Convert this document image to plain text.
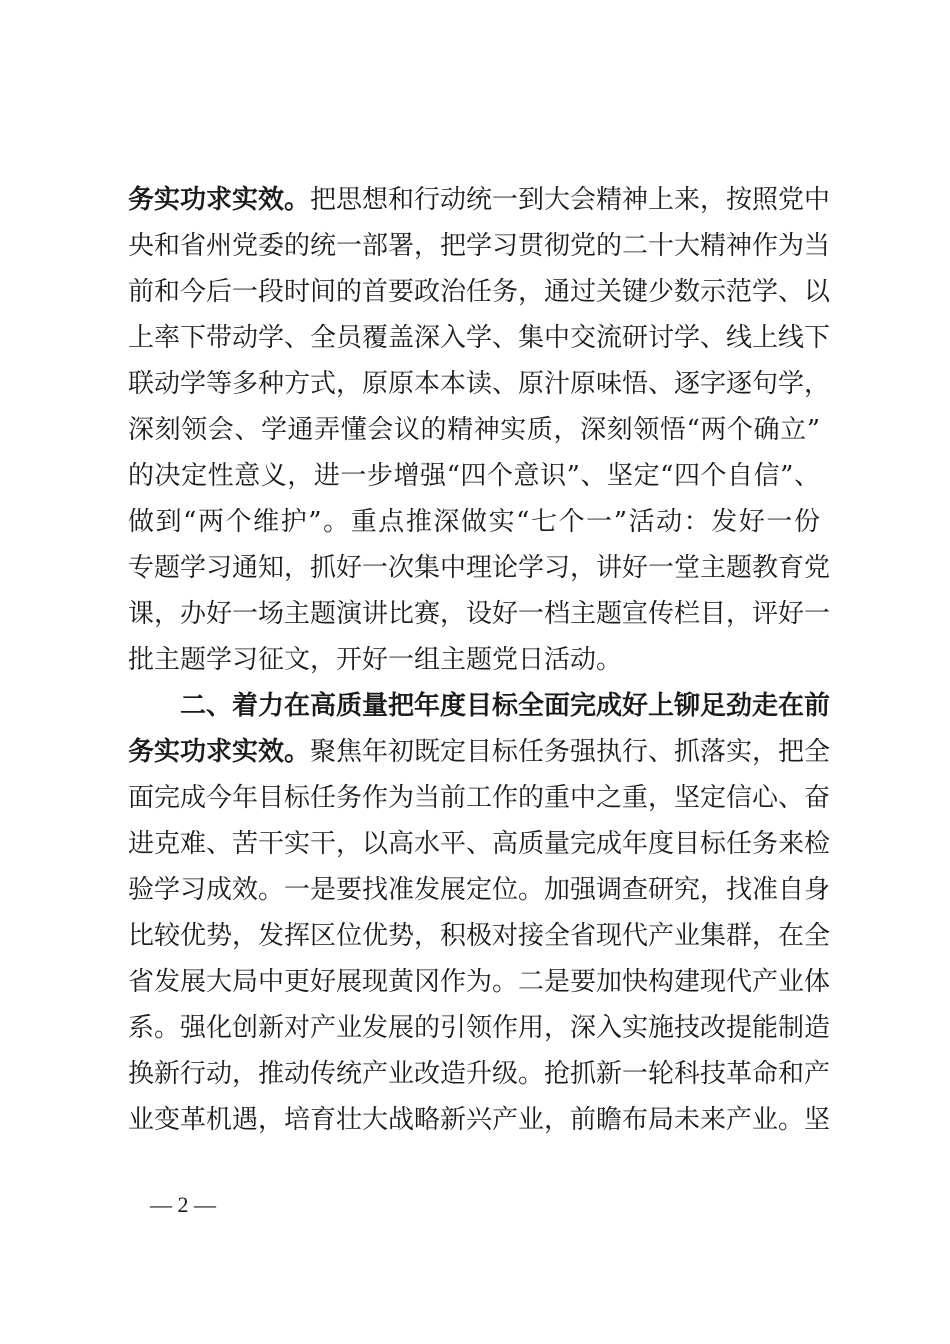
务实功求实效。把思想和行动统一到大会精神上来，按照党中
央和省州党委的统一部署，把学习贯彻党的二十大精神作为当
前和今后一段时间的首要政治任务，通过关键少数示范学、以
上率下带动学、全员覆盖深入学、集中交流研讨学、线上线下
联动学等多种方式，原原本本读、原汁原味悟、逐字逐句学，
深刻领会、学通弄懂会议的精神实质，深刻领悟“两个确立”
的决定性意义，进一步增强“四个意识”、坚定“四个自信”、
做到“两个维护”。重点推深做实“七个一”活动：发好一份
专题学习通知，抓好一次集中理论学习，讲好一堂主题教育党
课，办好一场主题演讲比赛，设好一档主题宣传栏目，评好一
批主题学习征文，开好一组主题党日活动。
二、着力在高质量把年度目标全面完成好上铆足劲走在前
务实功求实效。聚焦年初既定目标任务强执行、抓落实，把全
面完成今年目标任务作为当前工作的重中之重，坚定信心、奋
进克难、苦干实干，以高水平、高质量完成年度目标任务来检
验学习成效。一是要找准发展定位。加强调查研究，找准自身
比较优势，发挥区位优势，积极对接全省现代产业集群，在全
省发展大局中更好展现黄冈作为。二是要加快构建现代产业体
系。强化创新对产业发展的引领作用，深入实施技改提能制造
换新行动，推动传统产业改造升级。抢抓新一轮科技革命和产
业变革机遇，培育壮大战略新兴产业，前瞻布局未来产业。坚
— 2 —
